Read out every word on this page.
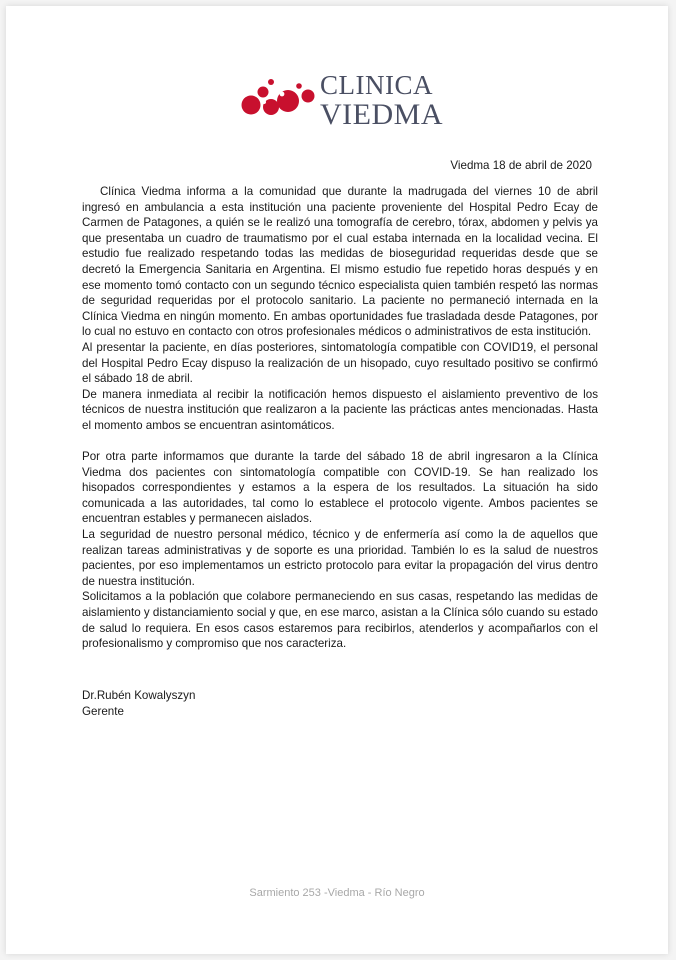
CLINICA
VIEDMA
Viedma 18 de abril de 2020

Clínica Viedma informa a la comunidad que durante la madrugada del viernes 10 de abril ingresó en ambulancia a esta institución una paciente proveniente del Hospital Pedro Ecay de Carmen de Patagones, a quién se le realizó una tomografía de cerebro, tórax, abdomen y pelvis ya que presentaba un cuadro de traumatismo por el cual estaba internada en la localidad vecina. El estudio fue realizado respetando todas las medidas de bioseguridad requeridas desde que se decretó la Emergencia Sanitaria en Argentina. El mismo estudio fue repetido horas después y en ese momento tomó contacto con un segundo técnico especialista quien también respetó las normas de seguridad requeridas por el protocolo sanitario. La paciente no permaneció internada en la Clínica Viedma en ningún momento. En ambas oportunidades fue trasladada desde Patagones, por lo cual no estuvo en contacto con otros profesionales médicos o administrativos de esta institución.

Al presentar la paciente, en días posteriores, sintomatología compatible con COVID19, el personal del Hospital Pedro Ecay dispuso la realización de un hisopado, cuyo resultado positivo se confirmó el sábado 18 de abril.

De manera inmediata al recibir la notificación hemos dispuesto el aislamiento preventivo de los técnicos de nuestra institución que realizaron a la paciente las prácticas antes mencionadas. Hasta el momento ambos se encuentran asintomáticos.

Por otra parte informamos que durante la tarde del sábado 18 de abril ingresaron a la Clínica Viedma dos pacientes con sintomatología compatible con COVID-19. Se han realizado los hisopados correspondientes y estamos a la espera de los resultados. La situación ha sido comunicada a las autoridades, tal como lo establece el protocolo vigente. Ambos pacientes se encuentran estables y permanecen aislados.

La seguridad de nuestro personal médico, técnico y de enfermería así como la de aquellos que realizan tareas administrativas y de soporte es una prioridad. También lo es la salud de nuestros pacientes, por eso implementamos un estricto protocolo para evitar la propagación del virus dentro de nuestra institución.

Solicitamos a la población que colabore permaneciendo en sus casas, respetando las medidas de aislamiento y distanciamiento social y que, en ese marco, asistan a la Clínica sólo cuando su estado de salud lo requiera. En esos casos estaremos para recibirlos, atenderlos y acompañarlos con el profesionalismo y compromiso que nos caracteriza.

Dr.Rubén Kowalyszyn
Gerente
Sarmiento 253 -Viedma - Río Negro
